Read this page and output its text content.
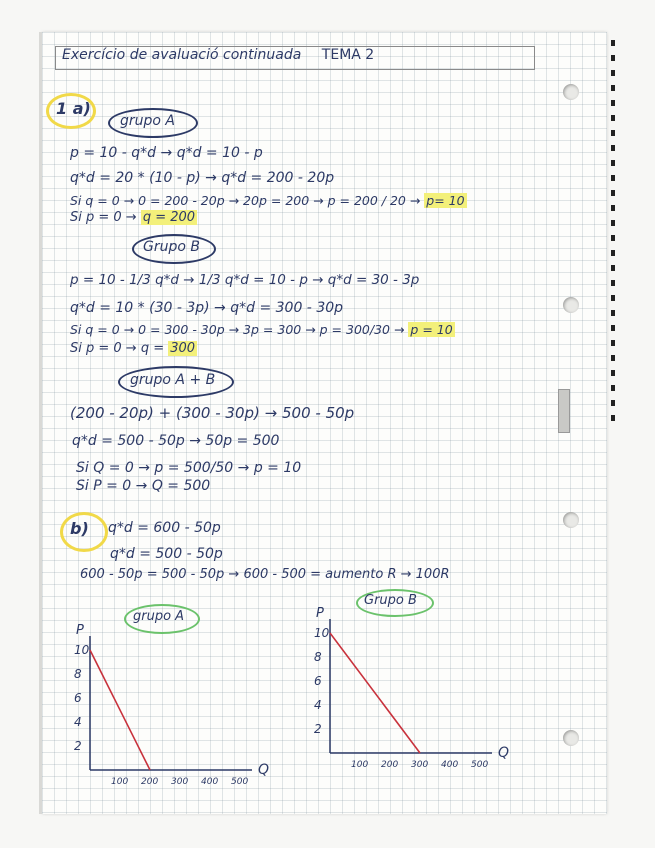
Exercício de avaluació continuada TEMA 2
1 a)
grupo A
p = 10 - q*d → q*d = 10 - p
q*d = 20 * (10 - p) → q*d = 200 - 20p
Si q = 0 → 0 = 200 - 20p → 20p = 200 → p = 200 / 20 → p= 10
Si p = 0 → q = 200
Grupo B
p = 10 - 1/3 q*d → 1/3 q*d = 10 - p → q*d = 30 - 3p
q*d = 10 * (30 - 3p) → q*d = 300 - 30p
Si q = 0 → 0 = 300 - 30p → 3p = 300 → p = 300/30 → p = 10
Si p = 0 → q = 300
grupo A + B
(200 - 20p) + (300 - 30p) → 500 - 50p
q*d = 500 - 50p → 50p = 500
Si Q = 0 → p = 500/50 → p = 10
Si P = 0 → Q = 500
b) q*d = 600 - 50p
q*d = 500 - 50p
600 - 50p = 500 - 50p → 600 - 500 = aumento R → 100R
grupo A
Grupo B
P
Q
2
4
6
8
10
100 200 300 400 500
P
Q
2
4
6
8
10
100 200 300 400 500
